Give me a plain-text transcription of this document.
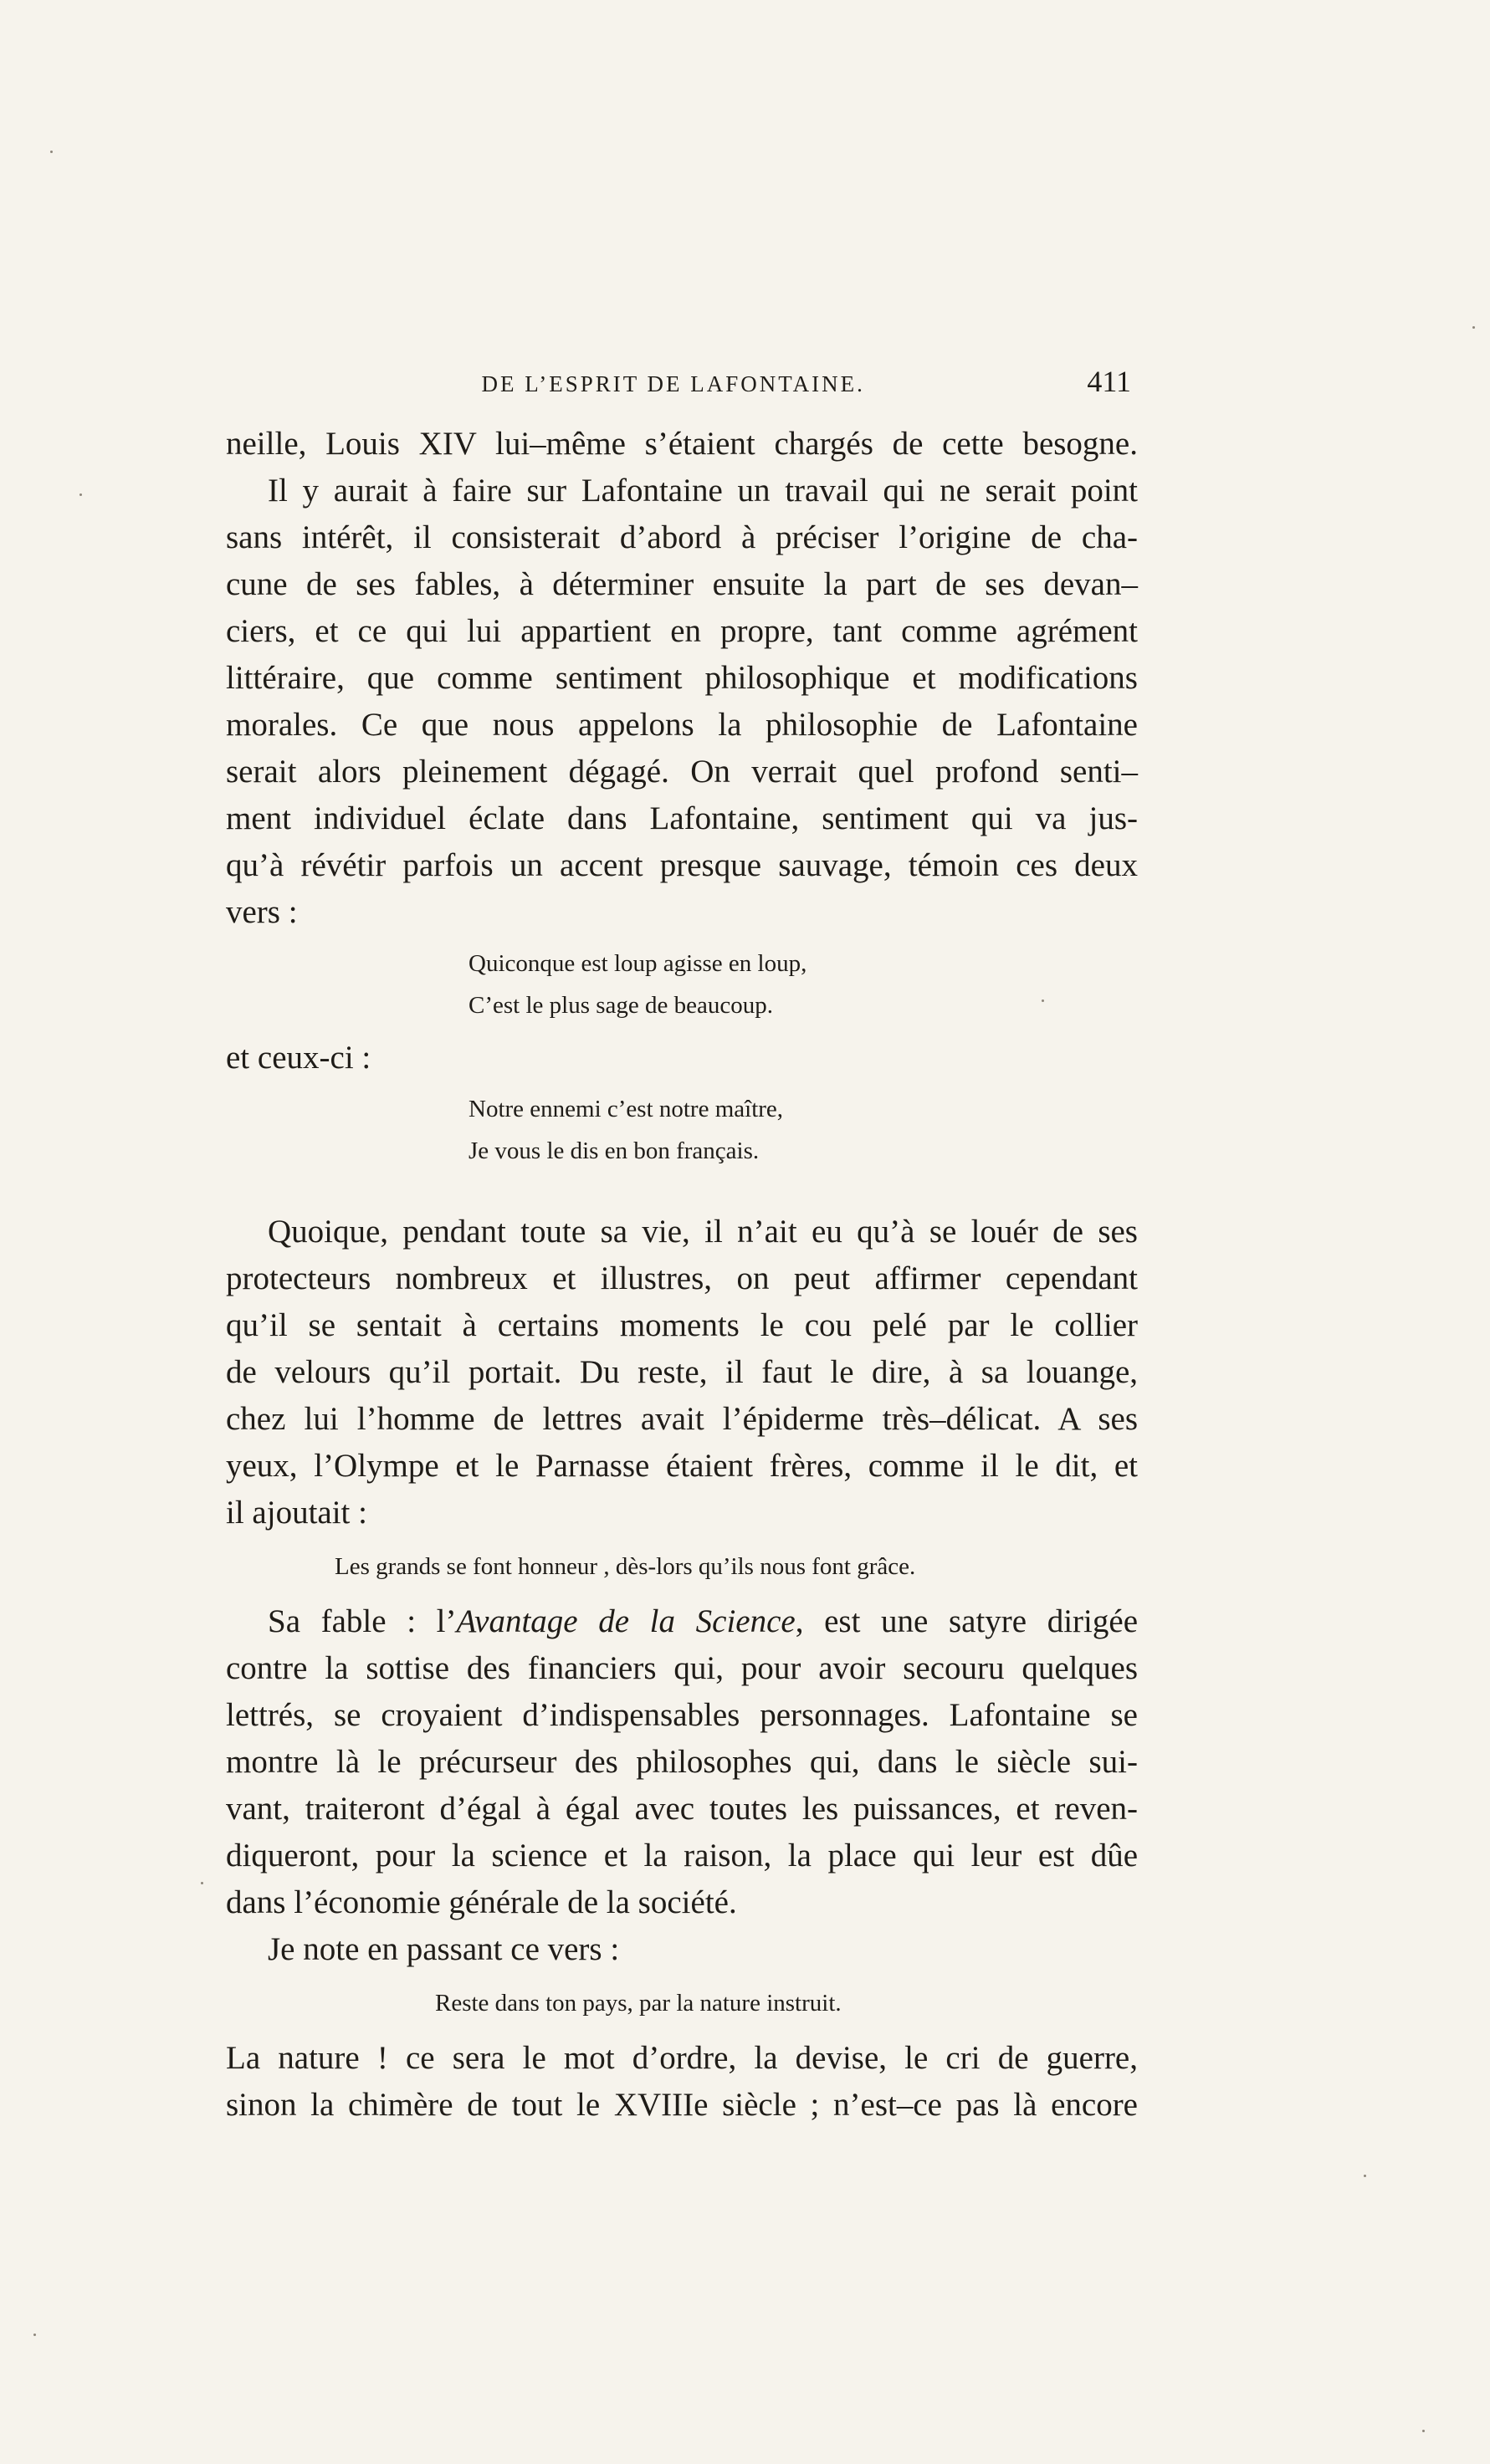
DE L’ESPRIT DE LAFONTAINE.	411

neille, Louis XIV lui–même s’étaient chargés de cette besogne.

Il y aurait à faire sur Lafontaine un travail qui ne serait point

sans intérêt, il consisterait d’abord à préciser l’origine de cha-

cune de ses fables, à déterminer ensuite la part de ses devan–

ciers, et ce qui lui appartient en propre, tant comme agrément

littéraire, que comme sentiment philosophique et modifications

morales. Ce que nous appelons la philosophie de Lafontaine

serait alors pleinement dégagé. On verrait quel profond senti–

ment individuel éclate dans Lafontaine, sentiment qui va jus-

qu’à révétir parfois un accent presque sauvage, témoin ces deux

vers :

Quiconque est loup agisse en loup,
C’est le plus sage de beaucoup.
et ceux-ci :
Notre ennemi c’est notre maître,
Je vous le dis en bon français.

Quoique, pendant toute sa vie, il n’ait eu qu’à se louér de ses

protecteurs nombreux et illustres, on peut affirmer cependant

qu’il se sentait à certains moments le cou pelé par le collier

de velours qu’il portait. Du reste, il faut le dire, à sa louange,

chez lui l’homme de lettres avait l’épiderme très–délicat. A ses

yeux, l’Olympe et le Parnasse étaient frères, comme il le dit, et

il ajoutait :

Les grands se font honneur , dès-lors qu’ils nous font grâce.

Sa fable : l’Avantage de la Science, est une satyre dirigée

contre la sottise des financiers qui, pour avoir secouru quelques

lettrés, se croyaient d’indispensables personnages. Lafontaine se

montre là le précurseur des philosophes qui, dans le siècle sui-

vant, traiteront d’égal à égal avec toutes les puissances, et reven-

diqueront, pour la science et la raison, la place qui leur est dûe

dans l’économie générale de la société.

Je note en passant ce vers :

Reste dans ton pays, par la nature instruit.

La nature ! ce sera le mot d’ordre, la devise, le cri de guerre,

sinon la chimère de tout le XVIIIe siècle ; n’est–ce pas là encore
